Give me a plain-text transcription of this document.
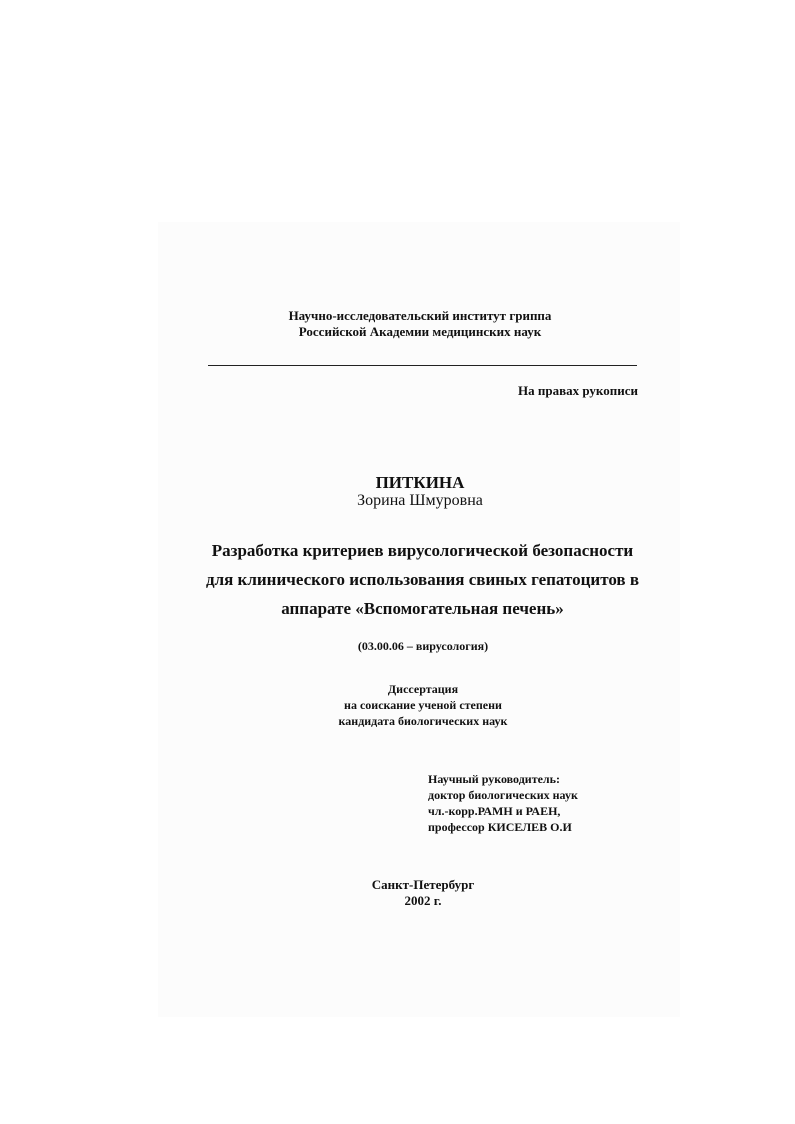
Научно-исследовательский институт гриппа
Российской Академии медицинских наук
На правах рукописи
ПИТКИНА
Зорина Шмуровна
Разработка критериев вирусологической безопасности
для клинического использования свиных гепатоцитов в
аппарате «Вспомогательная печень»
(03.00.06 – вирусология)
Диссертация
на соискание ученой степени
кандидата биологических наук
Научный руководитель:
доктор биологических наук
чл.-корр.РАМН и РАЕН,
профессор КИСЕЛЕВ О.И
Санкт-Петербург
2002 г.
